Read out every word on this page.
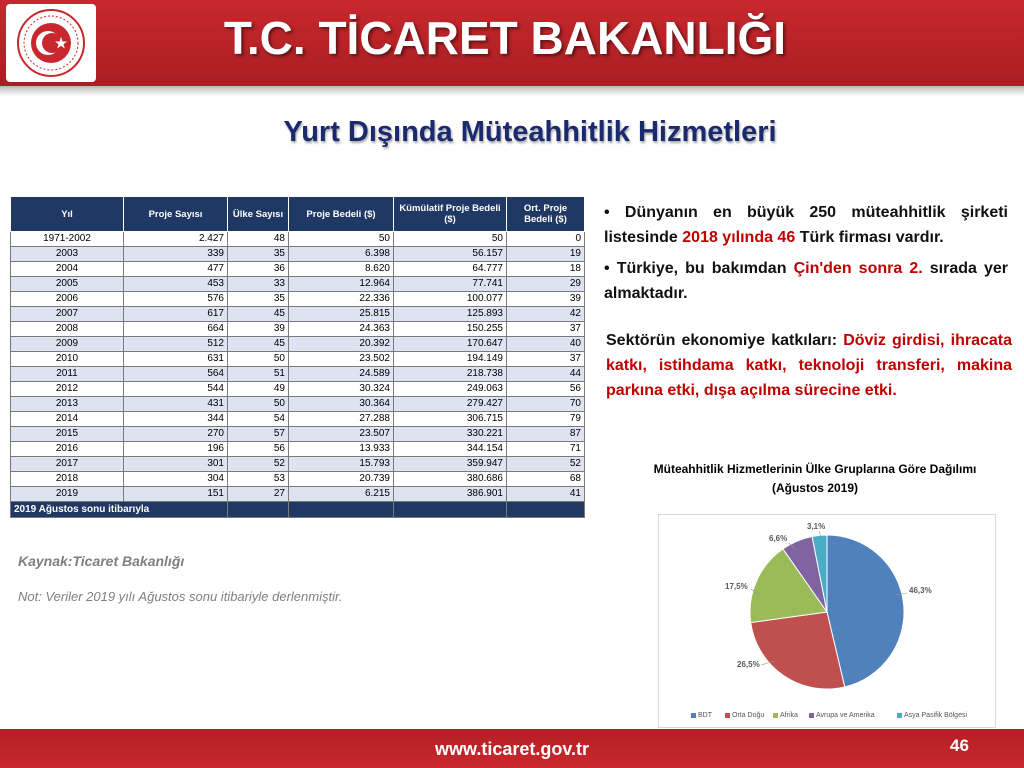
T.C. TİCARET BAKANLIĞI
Yurt Dışında Müteahhitlik Hizmetleri
Yıl	Proje Sayısı	Ülke Sayısı	Proje Bedeli ($)	Kümülatif Proje Bedeli ($)	Ort. Proje Bedeli ($)
1971-2002	2.427	48	50	50	0
2003	339	35	6.398	56.157	19
2004	477	36	8.620	64.777	18
2005	453	33	12.964	77.741	29
2006	576	35	22.336	100.077	39
2007	617	45	25.815	125.893	42
2008	664	39	24.363	150.255	37
2009	512	45	20.392	170.647	40
2010	631	50	23.502	194.149	37
2011	564	51	24.589	218.738	44
2012	544	49	30.324	249.063	56
2013	431	50	30.364	279.427	70
2014	344	54	27.288	306.715	79
2015	270	57	23.507	330.221	87
2016	196	56	13.933	344.154	71
2017	301	52	15.793	359.947	52
2018	304	53	20.739	380.686	68
2019	151	27	6.215	386.901	41
2019 Ağustos sonu itibarıyla					
Kaynak:Ticaret Bakanlığı
Not: Veriler 2019 yılı Ağustos sonu itibariyle derlenmiştir.
• Dünyanın en büyük 250 müteahhitlik şirketi listesinde 2018 yılında 46 Türk firması vardır.
• Türkiye, bu bakımdan Çin'den sonra 2. sırada yer almaktadır.
Sektörün ekonomiye katkıları: Döviz girdisi, ihracata katkı, istihdama katkı, teknoloji transferi, makina parkına etki, dışa açılma sürecine etki.
Müteahhitlik Hizmetlerinin Ülke Gruplarına Göre Dağılımı
(Ağustos 2019)
46,3%
26,5%
17,5%
6,6%
3,1%
BDT	Orta Doğu	Afrika	Avrupa ve Amerika	Asya Pasifik Bölgesi
www.ticaret.gov.tr	46
